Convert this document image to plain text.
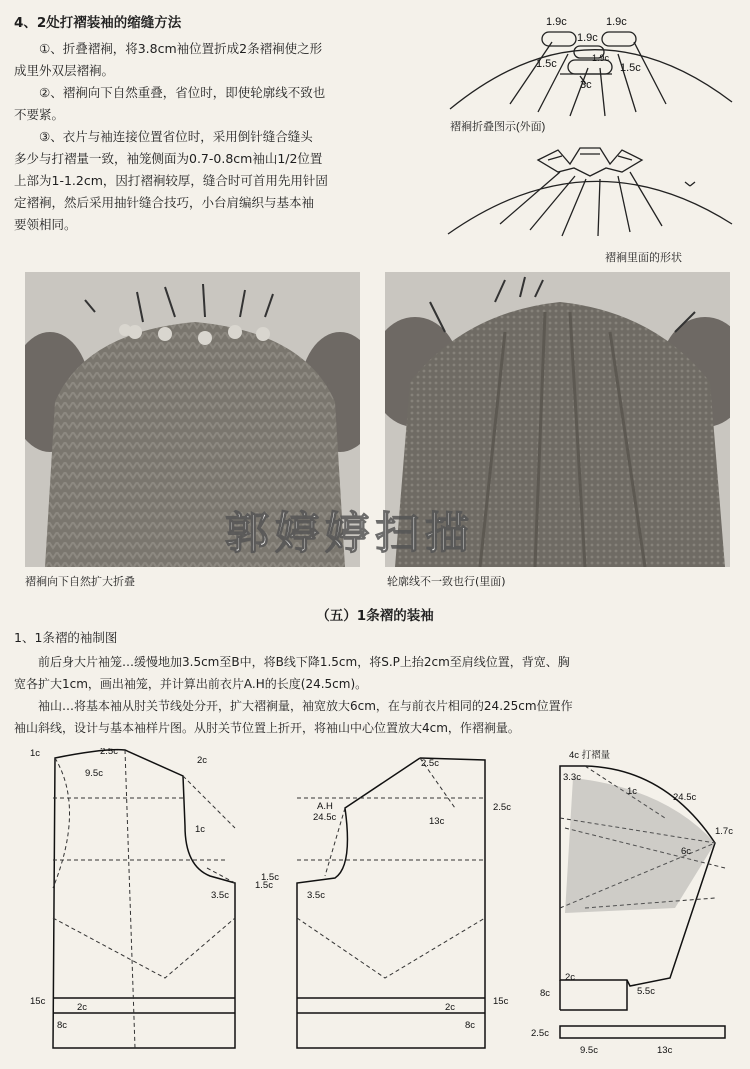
4、2处打褶装袖的缩缝方法
①、折叠褶裥，将3.8cm袖位置折成2条褶裥使之形
成里外双层褶裥。
②、褶裥向下自然重叠，省位时，即使轮廓线不致也
不要紧。
③、衣片与袖连接位置省位时，采用倒针缝合缝头
多少与打褶量一致，袖笼侧面为0.7-0.8cm袖山1/2位置
上部为1-1.2cm，因打褶裥较厚，缝合时可首用先用针固
定褶裥，然后采用抽针缝合技巧，小台肩编织与基本袖
要领相同。
1.9c	1.9c
1.9c
1.5c	1.5c
1.9c
3c
褶裥折叠图示(外面)
褶裥里面的形状
郭婷婷扫描
褶裥向下自然扩大折叠	轮廓线不一致也行(里面)
（五）1条褶的装袖
1、1条褶的袖制图
前后身大片袖笼…缓慢地加3.5cm至B中，将B线下降1.5cm，将S.P上抬2cm至肩线位置，背宽、胸
宽各扩大1cm，画出袖笼，并计算出前衣片A.H的长度(24.5cm)。
袖山…将基本袖从肘关节线处分开，扩大褶裥量，袖宽放大6cm，在与前衣片相同的24.25cm位置作
袖山斜线，设计与基本袖样片图。从肘关节位置上折开，将袖山中心位置放大4cm，作褶裥量。
2.5c
1c
9.5c
2c
1c
1.5c
3.5c
15c
2c
8c
2.5c
2.5c
13c
A.H
24.5c
1.5c
3.5c
2c
15c
8c
4c 打褶量
3.3c
1c
24.5c
1.7c
6c
2c
8c	5.5c
2.5c
9.5c	13c
